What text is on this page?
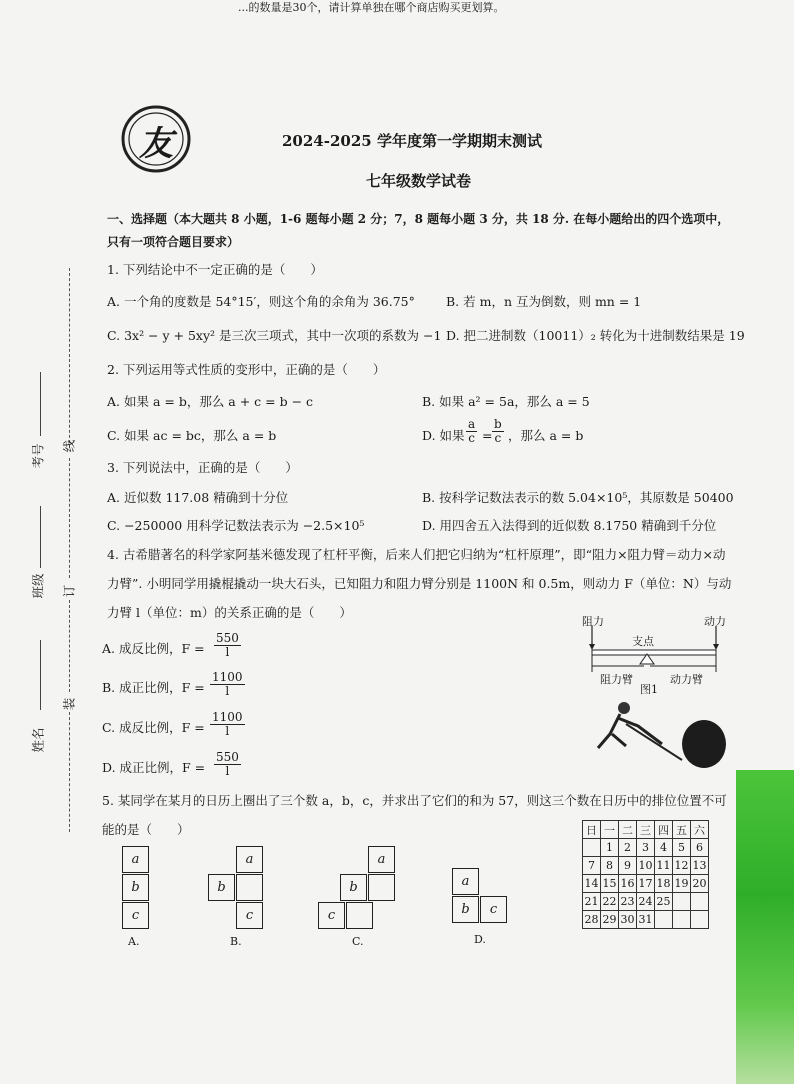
...的数量是30个，请计算单独在哪个商店购买更划算。
友	2024-2025 学年度第一学期期末测试
七年级数学试卷
一、选择题（本大题共 8 小题，1-6 题每小题 2 分；7，8 题每小题 3 分，共 18 分. 在每小题给出的四个选项中，
只有一项符合题目要求）
线
订
装
考号
班级
姓名
1. 下列结论中不一定正确的是（　　）
A. 一个角的度数是 54°15′，则这个角的余角为 36.75° B. 若 m，n 互为倒数，则 mn = 1
C. 3x² − y + 5xy² 是三次三项式，其中一次项的系数为 −1 D. 把二进制数（10011）₂ 转化为十进制数结果是 19
2. 下列运用等式性质的变形中，正确的是（　　）
A. 如果 a = b，那么 a + c = b − c	B. 如果 a² = 5a，那么 a = 5
C. 如果 ac = bc，那么 a = b	D. 如果 $\frac{a}{c} = \frac{b}{c}$ ，那么 a = b
3. 下列说法中，正确的是（　　）
A. 近似数 117.08 精确到十分位	B. 按科学记数法表示的数 5.04×10⁵，其原数是 50400
C. −250000 用科学记数法表示为 −2.5×10⁵	D. 用四舍五入法得到的近似数 8.1750 精确到千分位
4. 古希腊著名的科学家阿基米德发现了杠杆平衡，后来人们把它归纳为“杠杆原理”，即“阻力×阻力臂＝动力×动
力臂”. 小明同学用撬棍撬动一块大石头，已知阻力和阻力臂分别是 1100N 和 0.5m，则动力 F（单位：N）与动
力臂 l（单位：m）的关系正确的是（　　）
A. 成反比例，$F = \frac{550}{l}$
B. 成正比例，$F = \frac{1100}{l}$
C. 成反比例，$F = \frac{1100}{l}$
D. 成正比例，$F = \frac{550}{l}$
阻力	动力
支点
阻力臂	动力臂
图1
5. 某同学在某月的日历上圈出了三个数 a，b，c，并求出了它们的和为 57，则这三个数在日历中的排位位置不可
能的是（　　）
a
b
c
A.
a
b
c
B.
a
b
c
C.
a
b	c
D.
日	一	二	三	四	五	六
	1	2	3	4	5	6
7	8	9	10	11	12	13
14	15	16	17	18	19	20
21	22	23	24	25		
28	29	30	31			
